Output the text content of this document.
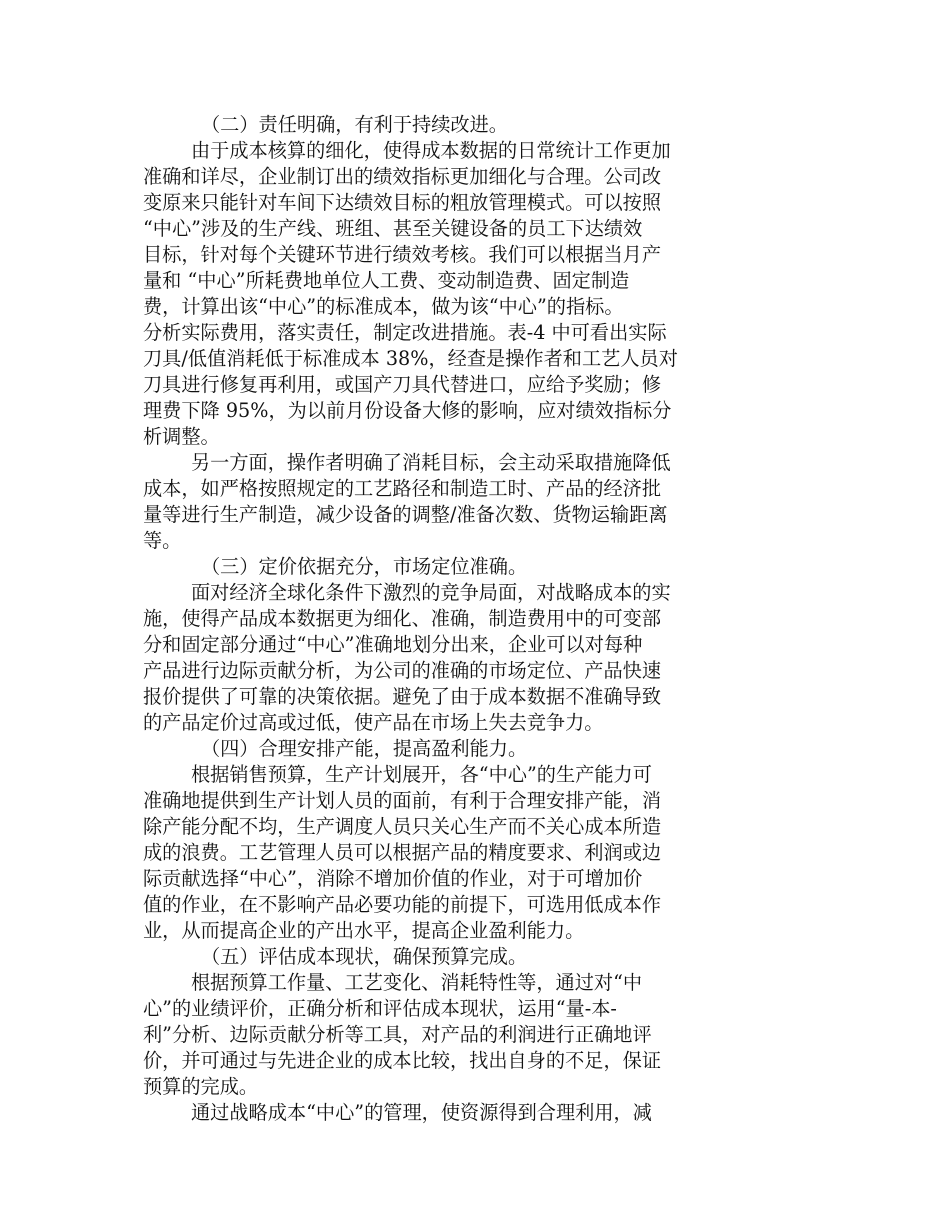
（二）责任明确，有利于持续改进。
由于成本核算的细化，使得成本数据的日常统计工作更加
准确和详尽，企业制订出的绩效指标更加细化与合理。公司改
变原来只能针对车间下达绩效目标的粗放管理模式。可以按照
“中心”涉及的生产线、班组、甚至关键设备的员工下达绩效
目标，针对每个关键环节进行绩效考核。我们可以根据当月产
量和 “中心”所耗费地单位人工费、变动制造费、固定制造
费，计算出该“中心”的标准成本，做为该“中心”的指标。
分析实际费用，落实责任，制定改进措施。表-4 中可看出实际
刀具/低值消耗低于标准成本 38%，经查是操作者和工艺人员对
刀具进行修复再利用，或国产刀具代替进口，应给予奖励；修
理费下降 95%，为以前月份设备大修的影响，应对绩效指标分
析调整。
另一方面，操作者明确了消耗目标，会主动采取措施降低
成本，如严格按照规定的工艺路径和制造工时、产品的经济批
量等进行生产制造，减少设备的调整/准备次数、货物运输距离
等。
（三）定价依据充分，市场定位准确。
面对经济全球化条件下激烈的竞争局面，对战略成本的实
施，使得产品成本数据更为细化、准确，制造费用中的可变部
分和固定部分通过“中心”准确地划分出来，企业可以对每种
产品进行边际贡献分析，为公司的准确的市场定位、产品快速
报价提供了可靠的决策依据。避免了由于成本数据不准确导致
的产品定价过高或过低，使产品在市场上失去竞争力。
（四）合理安排产能，提高盈利能力。
根据销售预算，生产计划展开，各“中心”的生产能力可
准确地提供到生产计划人员的面前，有利于合理安排产能，消
除产能分配不均，生产调度人员只关心生产而不关心成本所造
成的浪费。工艺管理人员可以根据产品的精度要求、利润或边
际贡献选择“中心”，消除不增加价值的作业，对于可增加价
值的作业，在不影响产品必要功能的前提下，可选用低成本作
业，从而提高企业的产出水平，提高企业盈利能力。
（五）评估成本现状，确保预算完成。
根据预算工作量、工艺变化、消耗特性等，通过对“中
心”的业绩评价，正确分析和评估成本现状，运用“量-本-
利”分析、边际贡献分析等工具，对产品的利润进行正确地评
价，并可通过与先进企业的成本比较，找出自身的不足，保证
预算的完成。
通过战略成本“中心”的管理，使资源得到合理利用，减
